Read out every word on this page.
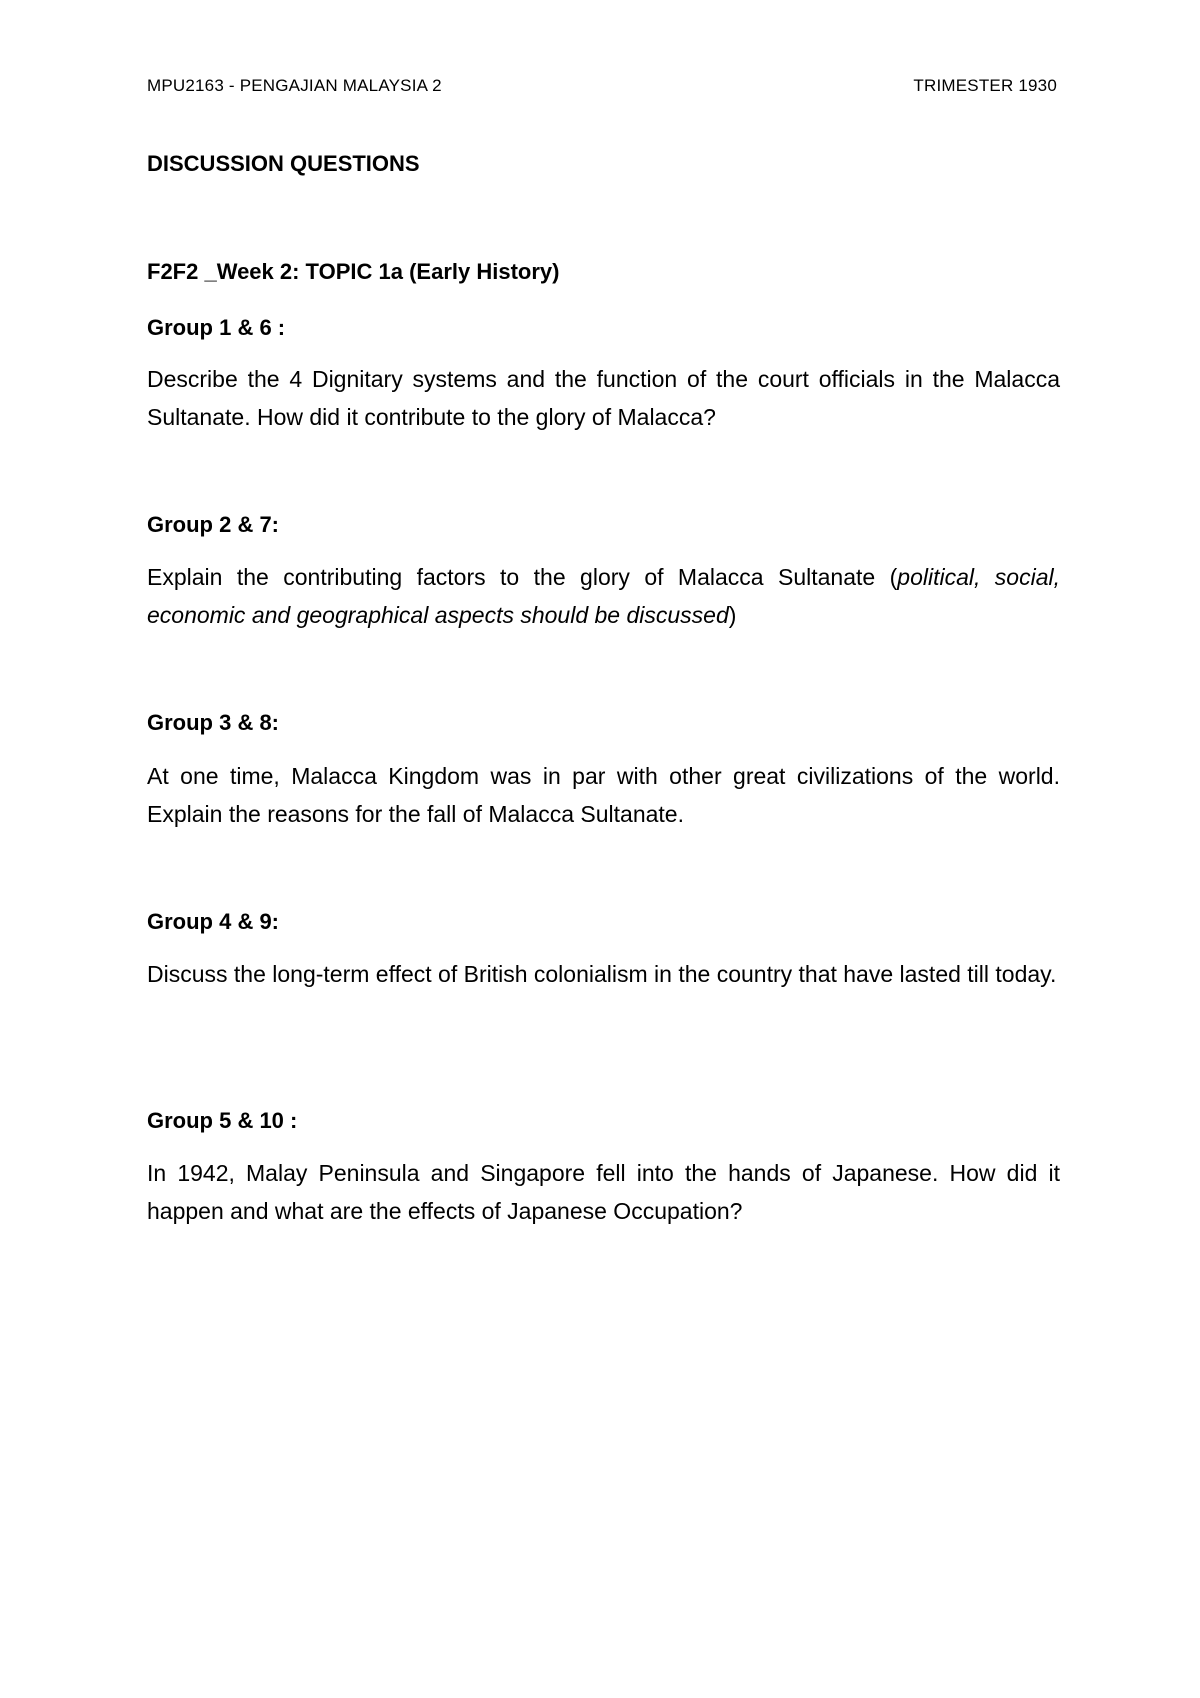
MPU2163 - PENGAJIAN MALAYSIA 2	TRIMESTER 1930
DISCUSSION QUESTIONS
F2F2 _Week 2: TOPIC 1a (Early History)
Group 1 & 6 :
Describe the 4 Dignitary systems and the function of the court officials in the Malacca Sultanate. How did it contribute to the glory of Malacca?
Group 2 & 7:
Explain the contributing factors to the glory of Malacca Sultanate (political, social, economic and geographical aspects should be discussed)
Group 3 & 8:
At one time, Malacca Kingdom was in par with other great civilizations of the world. Explain the reasons for the fall of Malacca Sultanate.
Group 4 & 9:
Discuss the long-term effect of British colonialism in the country that have lasted till today.
Group 5 & 10 :
In 1942, Malay Peninsula and Singapore fell into the hands of Japanese. How did it happen and what are the effects of Japanese Occupation?
